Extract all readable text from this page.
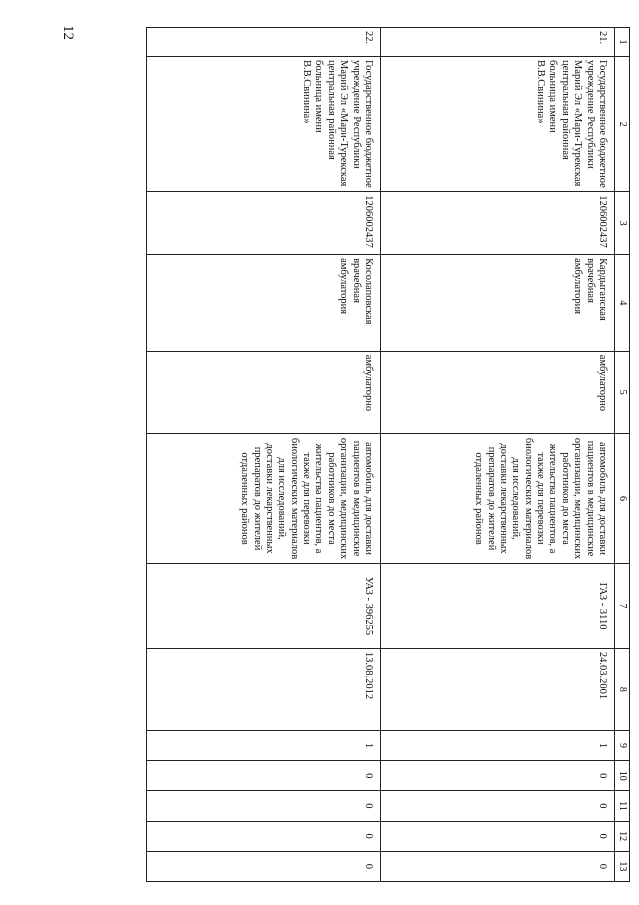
12
1	2	3	4	5	6	7	8	9	10	11	12	13
21.	Государственное бюджетное учреждение Республики Марий Эл «Мари-Турекская центральная районная больница имени В.В.Свинина»	1206002437	Кардыганская врачебная амбулатория	амбулаторно	автомобиль для доставки пациентов в медицинские организации, медицинских работников до места жительства пациентов, а также для перевозки биологических материалов для исследований, доставки лекарственных препаратов до жителей отдаленных районов	ГАЗ - 3110	24.03.2001	1	0	0	0	0
22.	Государственное бюджетное учреждение Республики Марий Эл «Мари-Турекская центральная районная больница имени В.В.Свинина»	1206002437	Косолаповская врачебная амбулатория	амбулаторно	автомобиль для доставки пациентов в медицинские организации, медицинских работников до места жительства пациентов, а также для перевозки биологических материалов для исследований, доставки лекарственных препаратов до жителей отдаленных районов	УАЗ - 396255	13.08.2012	1	0	0	0	0
